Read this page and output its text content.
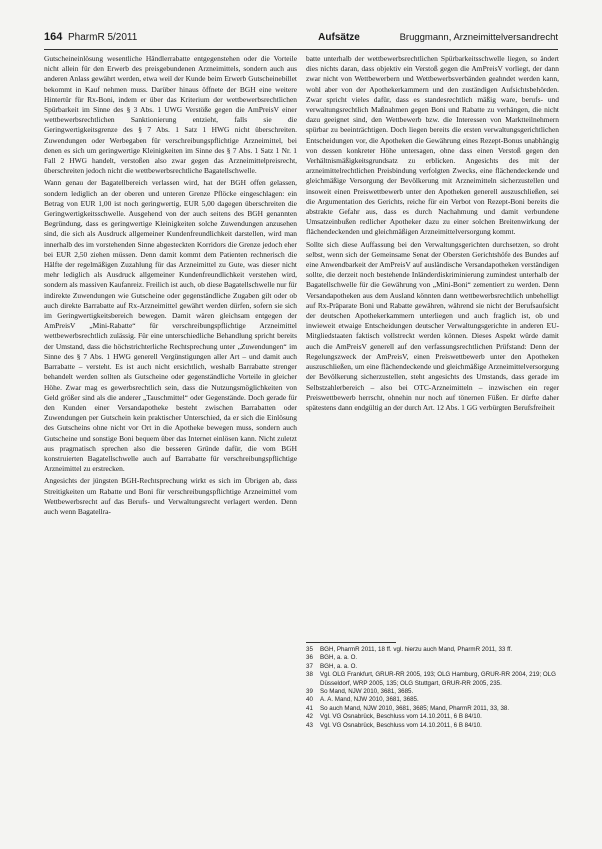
164 PharmR 5/2011	Aufsätze	Bruggmann, Arzneimittelversandrecht

Gutscheineinlösung wesentliche Händlerrabatte entgegenstehen oder die Vorteile nicht allein für den Erwerb des preisgebundenen Arzneimittels, sondern auch aus anderen Anlass gewährt werden, etwa weil der Kunde beim Erwerb Gutscheinebillet bekommt in Kauf nehmen muss. Darüber hinaus öffnete der BGH eine weitere Hintertür für Rx-Boni, indem er über das Kriterium der wettbewerbsrechtlichen Spürbarkeit im Sinne des § 3 Abs. 1 UWG Verstöße gegen die AmPreisV einer wettbewerbsrechtlichen Sanktionierung entzieht, falls sie die Geringwertigkeitsgrenze des § 7 Abs. 1 Satz 1 HWG nicht überschreiten. Zuwendungen oder Werbegaben für verschreibungspflichtige Arzneimittel, bei denen es sich um geringwertige Kleinigkeiten im Sinne des § 7 Abs. 1 Satz 1 Nr. 1 Fall 2 HWG handelt, verstoßen also zwar gegen das Arzneimittelpreisrecht, überschreiten jedoch nicht die wettbewerbsrechtliche Bagatellschwelle.

Wann genau der Bagatellbereich verlassen wird, hat der BGH offen gelassen, sondern lediglich an der oberen und unteren Grenze Pflöcke eingeschlagen: ein Betrag von EUR 1,00 ist noch geringwertig, EUR 5,00 dagegen überschreiten die Geringwertigkeitsschwelle. Ausgehend von der auch seitens des BGH genannten Begründung, dass es geringwertige Kleinigkeiten solche Zuwendungen anzusehen sind, die sich als Ausdruck allgemeiner Kundenfreundlichkeit darstellen, wird man innerhalb des im vorstehenden Sinne abgesteckten Korridors die Grenze jedoch eher bei EUR 2,50 ziehen müssen. Denn damit kommt dem Patienten rechnerisch die Hälfte der regelmäßigen Zuzahlung für das Arzneimittel zu Gute, was dieser nicht mehr lediglich als Ausdruck allgemeiner Kundenfreundlichkeit verstehen wird, sondern als massiven Kaufanreiz. Freilich ist auch, ob diese Bagatellschwelle nur für indirekte Zuwendungen wie Gutscheine oder gegenständliche Zugaben gilt oder ob auch direkte Barrabatte auf Rx-Arzneimittel gewährt werden dürfen, sofern sie sich im Geringwertigkeitsbereich bewegen. Damit wären gleichsam entgegen der AmPreisV „Mini-Rabatte“ für verschreibungspflichtige Arzneimittel wettbewerbsrechtlich zulässig. Für eine unterschiedliche Behandlung spricht bereits der Umstand, dass die höchstrichterliche Rechtsprechung unter „Zuwendungen“ im Sinne des § 7 Abs. 1 HWG generell Vergünstigungen aller Art – und damit auch Barrabatte – versteht. Es ist auch nicht ersichtlich, weshalb Barrabatte strenger behandelt werden sollten als Gutscheine oder gegenständliche Vorteile in gleicher Höhe. Zwar mag es gewerbsrechtlich sein, dass die Nutzungsmöglichkeiten von Geld größer sind als die anderer „Tauschmittel“ oder Gegenstände. Doch gerade für den Kunden einer Versandapotheke besteht zwischen Barrabatten oder Zuwendungen per Gutschein kein praktischer Unterschied, da er sich die Einlösung des Gutscheins ohne nicht vor Ort in die Apotheke bewegen muss, sondern auch Gutscheine und sonstige Boni bequem über das Internet einlösen kann. Nicht zuletzt aus pragmatisch sprechen also die besseren Gründe dafür, die vom BGH konstruierten Bagatellschwelle auch auf Barrabatte für verschreibungspflichtige Arzneimittel zu erstrecken.

Angesichts der jüngsten BGH-Rechtsprechung wirkt es sich im Übrigen ab, dass Streitigkeiten um Rabatte und Boni für verschreibungspflichtige Arzneimittel vom Wettbewerbsrecht auf das Berufs- und Verwaltungsrecht verlagert werden. Denn auch wenn Bagatellra-

batte unterhalb der wettbewerbsrechtlichen Spürbarkeitsschwelle liegen, so ändert dies nichts daran, dass objektiv ein Verstoß gegen die AmPreisV vorliegt, der dann zwar nicht von Wettbewerbern und Wettbewerbsverbänden geahndet werden kann, wohl aber von der Apothekerkammern und den zuständigen Aufsichtsbehörden. Zwar spricht vieles dafür, dass es standesrechtlich mäßig ware, berufs- und verwaltungsrechtlich Maßnahmen gegen Boni und Rabatte zu verhängen, die nicht dazu geeignet sind, den Wettbewerb bzw. die Interessen von Marktteilnehmern spürbar zu beeinträchtigen. Doch liegen bereits die ersten verwaltungsgerichtlichen Entscheidungen vor, die Apotheken die Gewährung eines Rezept-Bonus unabhängig von dessen konkreter Höhe untersagen, ohne dass einen Verstoß gegen den Verhältnismäßigkeitsgrundsatz zu erblicken. Angesichts des mit der arzneimittelrechtlichen Preisbindung verfolgten Zwecks, eine flächendeckende und gleichmäßige Versorgung der Bevölkerung mit Arzneimitteln sicherzustellen und insoweit einen Preiswettbewerb unter den Apotheken generell auszuschließen, sei die Argumentation des Gerichts, reiche für ein Verbot von Rezept-Boni bereits die abstrakte Gefahr aus, dass es durch Nachahmung und damit verbundene Umsatzeinbußen redlicher Apotheker dazu zu einer solchen Breitenwirkung der flächendeckenden und gleichmäßigen Arzneimittelversorgung kommt.

Sollte sich diese Auffassung bei den Verwaltungsgerichten durchsetzen, so droht selbst, wenn sich der Gemeinsame Senat der Obersten Gerichtshöfe des Bundes auf eine Anwendbarkeit der AmPreisV auf ausländische Versandapotheken verständigen sollte, die derzeit noch bestehende Inländerdiskriminierung zumindest unterhalb der Bagatellschwelle für die Gewährung von „Mini-Boni“ zementiert zu werden. Denn Versandapotheken aus dem Ausland könnten dann wettbewerbsrechtlich unbehelligt auf Rx-Präparate Boni und Rabatte gewähren, während sie nicht der Berufsaufsicht der deutschen Apothekerkammern unterliegen und auch fraglich ist, ob und inwieweit etwaige Entscheidungen deutscher Verwaltungsgerichte in anderen EU-Mitgliedstaaten faktisch vollstreckt werden können. Dieses Aspekt würde damit auch die AmPreisV generell auf den verfassungsrechtlichen Prüfstand: Denn der Regelungszweck der AmPreisV, einen Preiswettbewerb unter den Apotheken auszuschließen, um eine flächendeckende und gleichmäßige Arzneimittelversorgung der Bevölkerung sicherzustellen, steht angesichts des Umstands, dass gerade im Selbstzahlerbereich – also bei OTC-Arzneimitteln – inzwischen ein reger Preiswettbewerb herrscht, ohnehin nur noch auf tönernen Füßen. Er dürfte daher spätestens dann endgültig an der durch Art. 12 Abs. 1 GG verbürgten Berufsfreiheit

35	BGH, PharmR 2011, 18 ff. vgl. hierzu auch Mand, PharmR 2011, 33 ff.
36	BGH, a. a. O.
37	BGH, a. a. O.
38	Vgl. OLG Frankfurt, GRUR-RR 2005, 193; OLG Hamburg, GRUR-RR 2004, 219; OLG Düsseldorf, WRP 2005, 135; OLG Stuttgart, GRUR-RR 2005, 235.
39	So Mand, NJW 2010, 3681, 3685.
40	A. A. Mand, NJW 2010, 3681, 3685.
41	So auch Mand, NJW 2010, 3681, 3685; Mand, PharmR 2011, 33, 38.
42	Vgl. VG Osnabrück, Beschluss vom 14.10.2011, 6 B 84/10.
43	Vgl. VG Osnabrück, Beschluss vom 14.10.2011, 6 B 84/10.
